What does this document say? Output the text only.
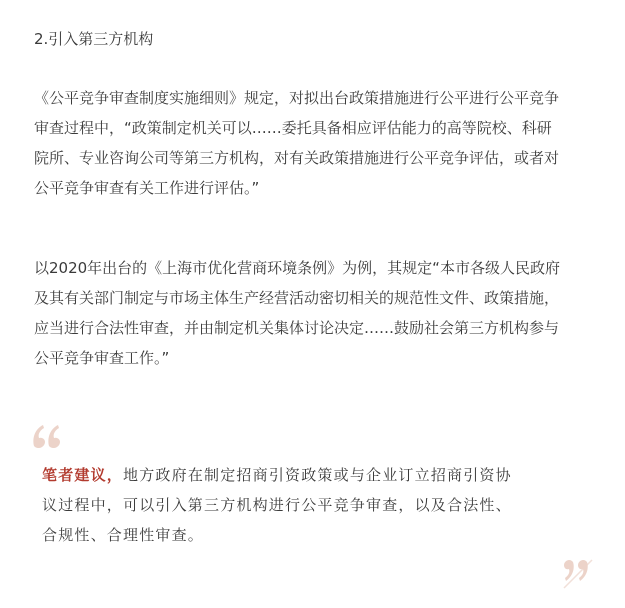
2.引入第三方机构

《公平竞争审查制度实施细则》规定，对拟出台政策措施进行公平进行公平竞争
审查过程中，“政策制定机关可以……委托具备相应评估能力的高等院校、科研
院所、专业咨询公司等第三方机构，对有关政策措施进行公平竞争评估，或者对
公平竞争审查有关工作进行评估。”

以2020年出台的《上海市优化营商环境条例》为例，其规定“本市各级人民政府
及其有关部门制定与市场主体生产经营活动密切相关的规范性文件、政策措施，
应当进行合法性审查，并由制定机关集体讨论决定……鼓励社会第三方机构参与
公平竞争审查工作。”

笔者建议，地方政府在制定招商引资政策或与企业订立招商引资协
议过程中，可以引入第三方机构进行公平竞争审查，以及合法性、
合规性、合理性审查。
